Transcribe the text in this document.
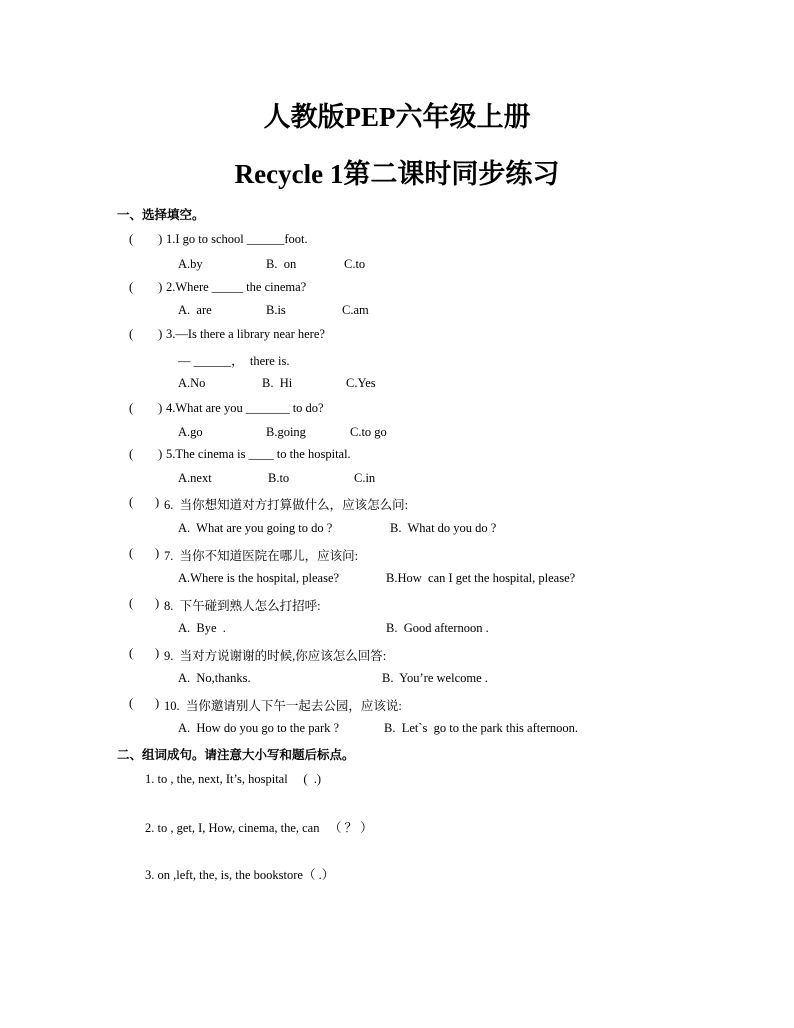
人教版PEP六年级上册
Recycle 1第二课时同步练习
一、选择填空。
(        ) 1.I go to school ______foot.
A.by	B.  on	C.to
(        ) 2.Where _____ the cinema?
A.  are	B.is	C.am
(        ) 3.—Is there a library near here?
— ______，  there is.
A.No	B.  Hi	C.Yes
(        ) 4.What are you _______ to do?
A.go	B.going	C.to go
(        ) 5.The cinema is ____ to the hospital.
A.next	B.to	C.in
(       ) 6.  当你想知道对方打算做什么，应该怎么问:
A.  What are you going to do ?	B.  What do you do ?
(       ) 7.  当你不知道医院在哪儿，应该问:
A.Where is the hospital, please?	B.How  can I get the hospital, please?
(       ) 8.  下午碰到熟人怎么打招呼:
A.  Bye  .	B.  Good afternoon .
(       ) 9.  当对方说谢谢的时候,你应该怎么回答:
A.  No,thanks.	B.  You’re welcome .
(       ) 10.  当你邀请别人下午一起去公园，应该说:
A.  How do you go to the park ?	B.  Let`s  go to the park this afternoon.
二、组词成句。请注意大小写和题后标点。
1. to , the, next, It’s, hospital     (  .)
2. to , get, I, How, cinema, the, can   （ ？ ）
3. on ,left, the, is, the bookstore（ .）
